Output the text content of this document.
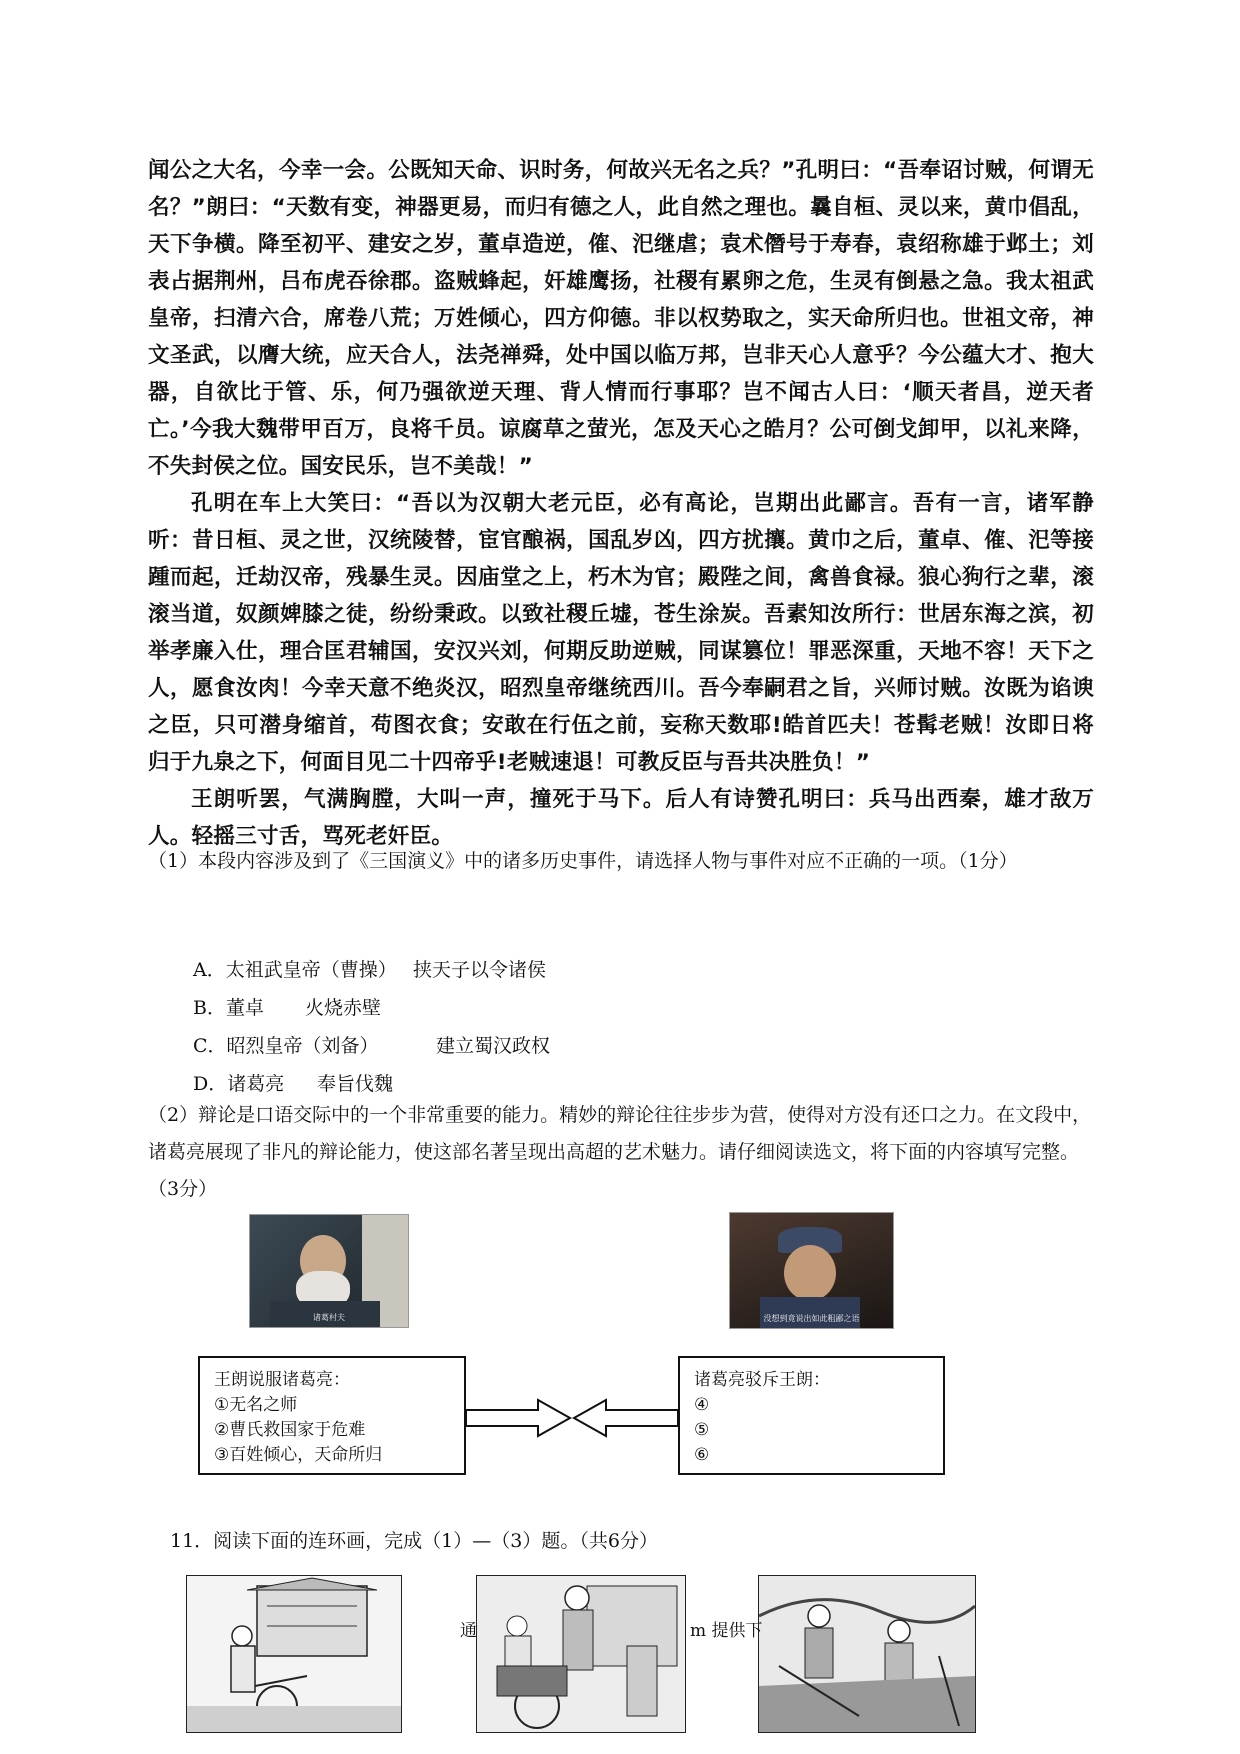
闻公之大名，今幸一会。公既知天命、识时务，何故兴无名之兵？”孔明曰：“吾奉诏讨贼，何谓无名？”朗曰：“天数有变，神器更易，而归有德之人，此自然之理也。曩自桓、灵以来，黄巾倡乱，天下争横。降至初平、建安之岁，董卓造逆，傕、汜继虐；袁术僭号于寿春，袁绍称雄于邺土；刘表占据荆州，吕布虎吞徐郡。盗贼蜂起，奸雄鹰扬，社稷有累卵之危，生灵有倒悬之急。我太祖武皇帝，扫清六合，席卷八荒；万姓倾心，四方仰德。非以权势取之，实天命所归也。世祖文帝，神文圣武，以膺大统，应天合人，法尧禅舜，处中国以临万邦，岂非天心人意乎？今公蕴大才、抱大器，自欲比于管、乐，何乃强欲逆天理、背人情而行事耶？岂不闻古人曰：‘顺天者昌，逆天者亡。’今我大魏带甲百万，良将千员。谅腐草之萤光，怎及天心之皓月？公可倒戈卸甲，以礼来降，不失封侯之位。国安民乐，岂不美哉！”

孔明在车上大笑曰：“吾以为汉朝大老元臣，必有高论，岂期出此鄙言。吾有一言，诸军静听：昔日桓、灵之世，汉统陵替，宦官酿祸，国乱岁凶，四方扰攘。黄巾之后，董卓、傕、汜等接踵而起，迁劫汉帝，残暴生灵。因庙堂之上，朽木为官；殿陛之间，禽兽食禄。狼心狗行之辈，滚滚当道，奴颜婢膝之徒，纷纷秉政。以致社稷丘墟，苍生涂炭。吾素知汝所行：世居东海之滨，初举孝廉入仕，理合匡君辅国，安汉兴刘，何期反助逆贼，同谋篡位！罪恶深重，天地不容！天下之人，愿食汝肉！今幸天意不绝炎汉，昭烈皇帝继统西川。吾今奉嗣君之旨，兴师讨贼。汝既为谄谀之臣，只可潜身缩首，苟图衣食；安敢在行伍之前，妄称天数耶!皓首匹夫！苍髯老贼！汝即日将归于九泉之下，何面目见二十四帝乎!老贼速退！可教反臣与吾共决胜负！”

王朗听罢，气满胸膛，大叫一声，撞死于马下。后人有诗赞孔明曰：兵马出西秦，雄才敌万人。轻摇三寸舌，骂死老奸臣。

（1）本段内容涉及到了《三国演义》中的诸多历史事件，请选择人物与事件对应不正确的一项。（1分）
A．太祖武皇帝（曹操） 挟天子以令诸侯
B．董卓 火烧赤壁
C．昭烈皇帝（刘备）	建立蜀汉政权
D．诸葛亮 奉旨伐魏
（2）辩论是口语交际中的一个非常重要的能力。精妙的辩论往往步步为营，使得对方没有还口之力。在文段中，诸葛亮展现了非凡的辩论能力，使这部名著呈现出高超的艺术魅力。请仔细阅读选文，将下面的内容填写完整。（3分）
诸葛村夫	没想到竟说出如此粗鄙之语
王朗说服诸葛亮：
①无名之师
②曹氏救国家于危难
③百姓倾心，天命所归
诸葛亮驳斥王朗：
④
⑤
⑥
11．阅读下面的连环画，完成（1）—（3）题。（共6分）
通	m 提供下
